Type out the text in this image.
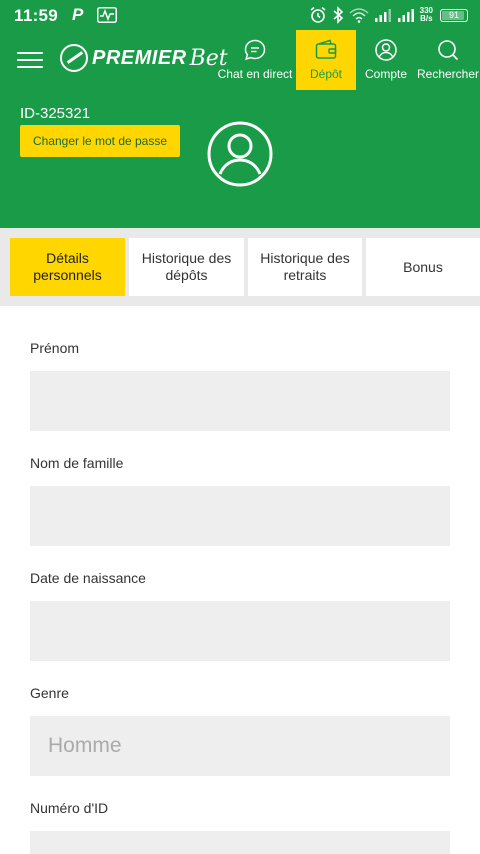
11:59 P	330
B/s	91
PREMIER Bet
Chat en direct Dépôt Compte Rechercher
ID-325321
Changer le mot de passe
Détails personnels
Historique des dépôts
Historique des retraits
Bonus
Prénom
Nom de famille
Date de naissance
Genre
Homme
Numéro d'ID
